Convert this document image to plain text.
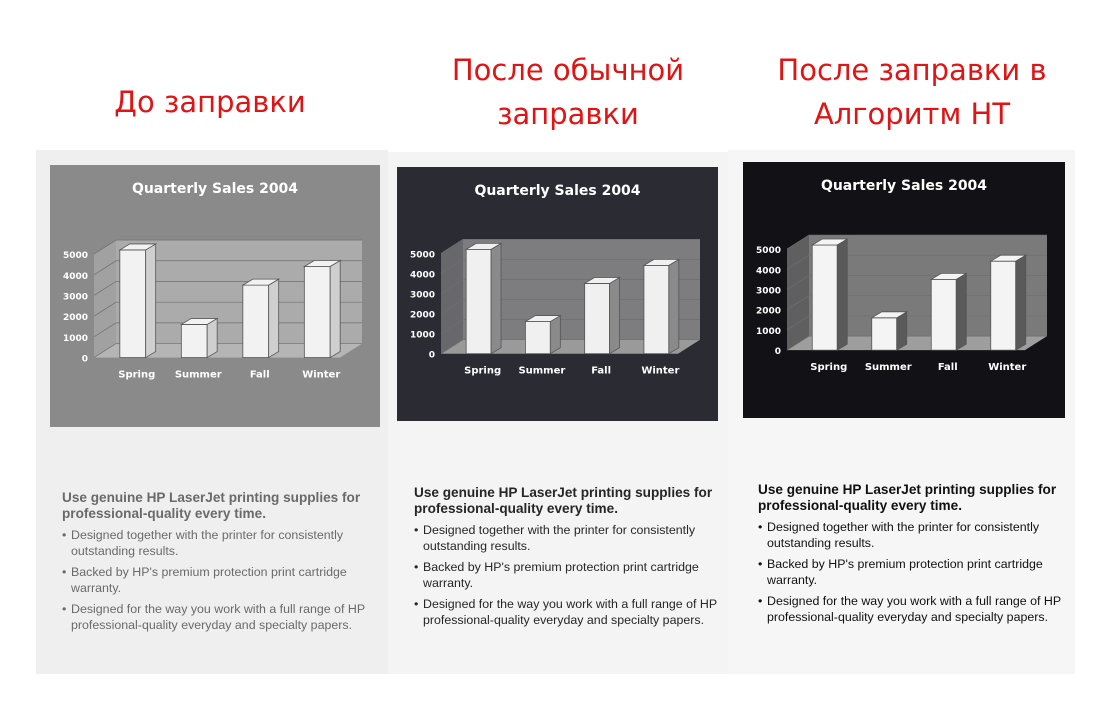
До заправки
После обычной
заправки
После заправки в
Алгоритм НТ
Quarterly Sales 2004
0
1000
2000
3000
4000
5000
Spring Summer	Fall	Winter

Use genuine HP LaserJet printing supplies for professional-quality every time.

• Designed together with the printer for consistently outstanding results.
• Backed by HP's premium protection print cartridge warranty.
• Designed for the way you work with a full range of HP professional-quality everyday and specialty papers.
Quarterly Sales 2004
0
1000
2000
3000
4000
5000
Spring Summer	Fall	Winter

Use genuine HP LaserJet printing supplies for professional-quality every time.

• Designed together with the printer for consistently outstanding results.
• Backed by HP's premium protection print cartridge warranty.
• Designed for the way you work with a full range of HP professional-quality everyday and specialty papers.
Quarterly Sales 2004
0
1000
2000
3000
4000
5000
Spring Summer	Fall	Winter

Use genuine HP LaserJet printing supplies for professional-quality every time.

• Designed together with the printer for consistently outstanding results.
• Backed by HP's premium protection print cartridge warranty.
• Designed for the way you work with a full range of HP professional-quality everyday and specialty papers.
